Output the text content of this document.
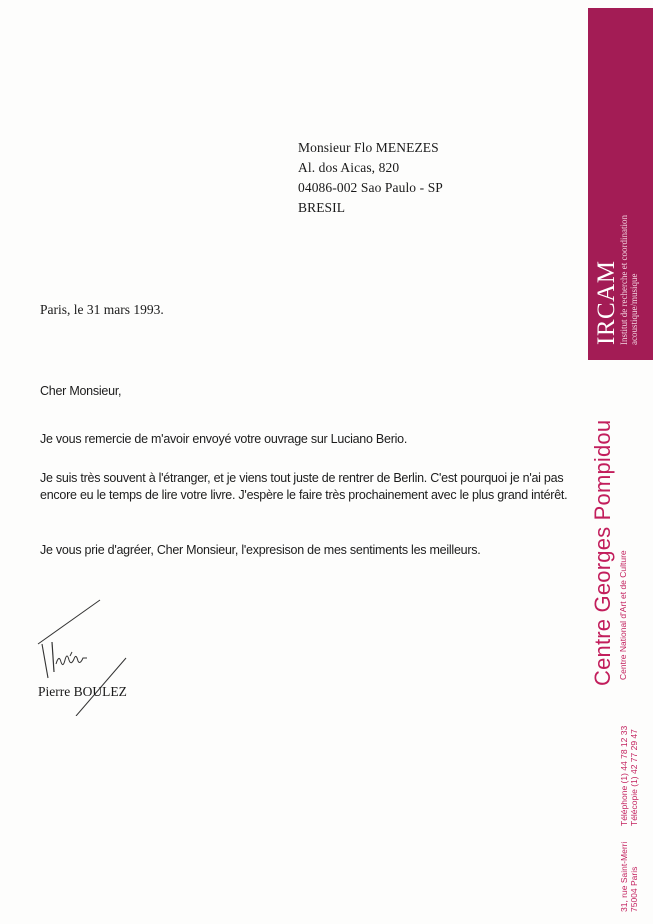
Monsieur Flo MENEZES
Al. dos Aicas, 820
04086-002 Sao Paulo - SP
BRESIL
Paris, le 31 mars 1993.
Cher Monsieur,
Je vous remercie de m'avoir envoyé votre ouvrage sur Luciano Berio.
Je suis très souvent à l'étranger, et je viens tout juste de rentrer de Berlin. C'est pourquoi je n'ai pas encore eu le temps de lire votre livre. J'espère le faire très prochainement avec le plus grand intérêt.
Je vous prie d'agréer, Cher Monsieur, l'expresison de mes sentiments les meilleurs.
Pierre BOULEZ
IRCAM Institut de recherche et coordination acoustique/musique
Centre Georges Pompidou Centre National d'Art et de Culture
Téléphone (1) 44 78 12 33 Télécopie (1) 42 77 29 47
31, rue Saint-Merri 75004 Paris
